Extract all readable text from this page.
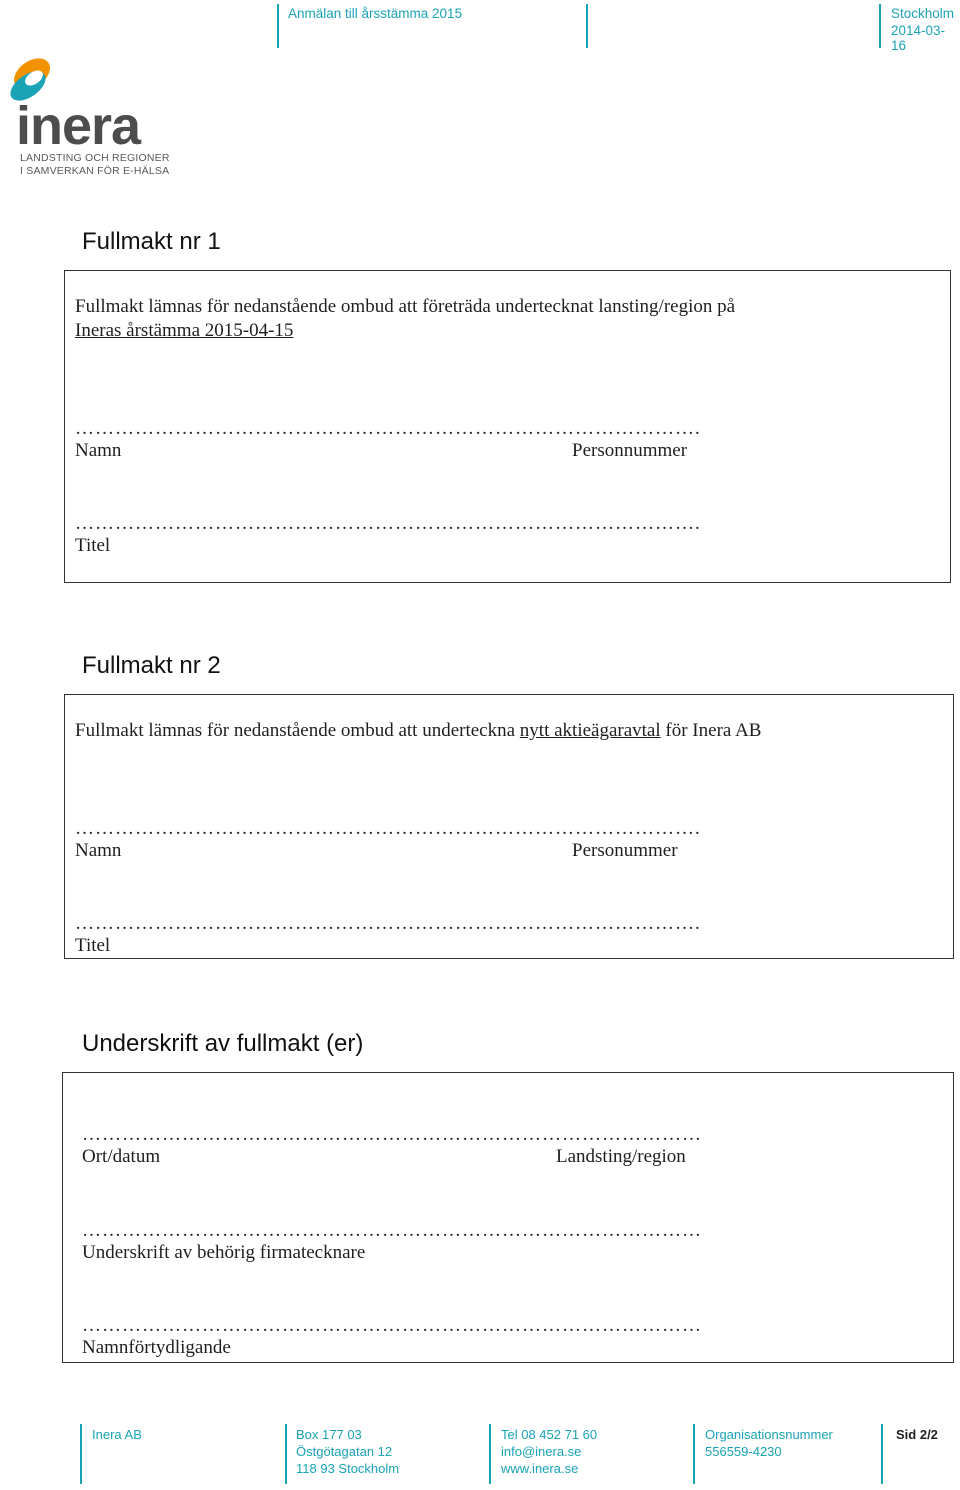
Anmälan till årsstämma 2015	Stockholm
2014-03-16
inera
LANDSTING OCH REGIONER
I SAMVERKAN FÖR E-HÄLSA
Fullmakt nr 1
Fullmakt lämnas för nedanstående ombud att företräda undertecknat lansting/region på
Ineras årstämma 2015-04-15
………………………………………………………………………………….
Namn	Personnummer
………………………………………………………………………………….
Titel
Fullmakt nr 2
Fullmakt lämnas för nedanstående ombud att underteckna nytt aktieägaravtal för Inera AB
………………………………………………………………………………….
Namn	Personummer
………………………………………………………………………………….
Titel
Underskrift av fullmakt (er)
…………………………………………………………………………………
Ort/datum	Landsting/region
…………………………………………………………………………………
Underskrift av behörig firmatecknare
…………………………………………………………………………………
Namnförtydligande
Inera AB	Box 177 03
Östgötagatan 12
118 93 Stockholm
Tel 08 452 71 60
info@inera.se
www.inera.se
Organisationsnummer
556559-4230
Sid 2/2
